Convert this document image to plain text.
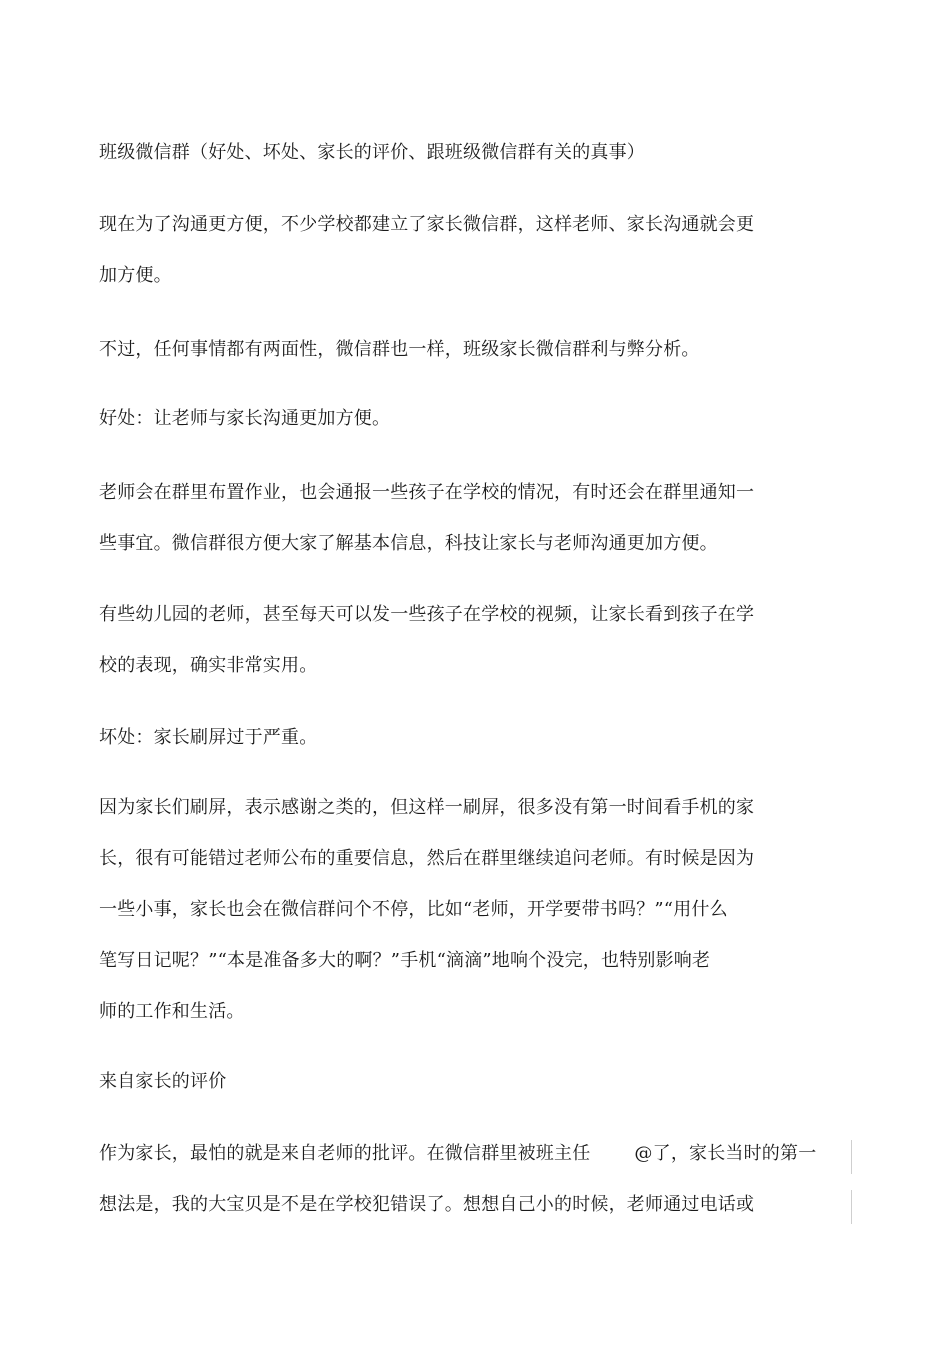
班级微信群（好处、坏处、家长的评价、跟班级微信群有关的真事）
现在为了沟通更方便，不少学校都建立了家长微信群，这样老师、家长沟通就会更
加方便。
不过，任何事情都有两面性，微信群也一样，班级家长微信群利与弊分析。
好处：让老师与家长沟通更加方便。
老师会在群里布置作业，也会通报一些孩子在学校的情况，有时还会在群里通知一
些事宜。微信群很方便大家了解基本信息，科技让家长与老师沟通更加方便。
有些幼儿园的老师，甚至每天可以发一些孩子在学校的视频，让家长看到孩子在学
校的表现，确实非常实用。
坏处：家长刷屏过于严重。
因为家长们刷屏，表示感谢之类的，但这样一刷屏，很多没有第一时间看手机的家
长，很有可能错过老师公布的重要信息，然后在群里继续追问老师。有时候是因为
一些小事，家长也会在微信群问个不停，比如“老师，开学要带书吗？”“用什么
笔写日记呢？”“本是准备多大的啊？”手机“滴滴”地响个没完，也特别影响老
师的工作和生活。
来自家长的评价
作为家长，最怕的就是来自老师的批评。在微信群里被班主任 @了，家长当时的第一
想法是，我的大宝贝是不是在学校犯错误了。想想自己小的时候，老师通过电话或
